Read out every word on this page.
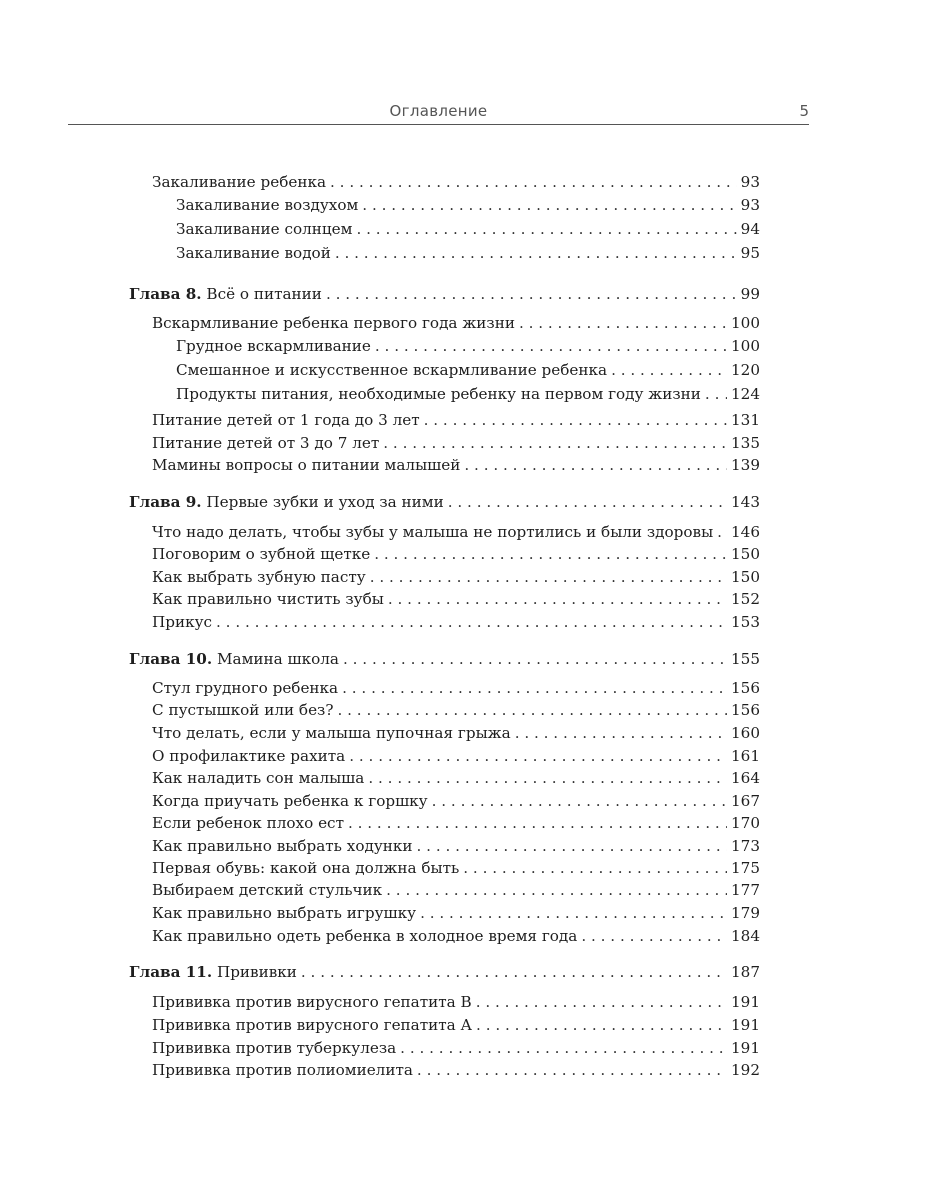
Оглавление	5
Закаливание ребенка . . .	93
Закаливание воздухом . . .	93
Закаливание солнцем . . .	94
Закаливание водой . . .	95
Глава 8. Всё о питании . . .	99
Вскармливание ребенка первого года жизни . . .	100
Грудное вскармливание . . .	100
Смешанное и искусственное вскармливание ребенка . . .	120
Продукты питания, необходимые ребенку на первом году жизни . . . 124
Питание детей от 1 года до 3 лет . . .	131
Питание детей от 3 до 7 лет . . .	135
Мамины вопросы о питании малышей . . .	139
Глава 9. Первые зубки и уход за ними . . .	143
Что надо делать, чтобы зубы у малыша не портились и были здоровы . . . 146
Поговорим о зубной щетке . . .	150
Как выбрать зубную пасту . . .	150
Как правильно чистить зубы . . .	152
Прикус . . .	153
Глава 10. Мамина школа . . .	155
Стул грудного ребенка . . .	156
С пустышкой или без? . . .	156
Что делать, если у малыша пупочная грыжа . . .	160
О профилактике рахита . . .	161
Как наладить сон малыша . . .	164
Когда приучать ребенка к горшку . . .	167
Если ребенок плохо ест . . .	170
Как правильно выбрать ходунки . . .	173
Первая обувь: какой она должна быть . . .	175
Выбираем детский стульчик . . .	177
Как правильно выбрать игрушку . . .	179
Как правильно одеть ребенка в холодное время года . . .	184
Глава 11. Прививки . . .	187
Прививка против вирусного гепатита В . . .	191
Прививка против вирусного гепатита А . . .	191
Прививка против туберкулеза . . .	191
Прививка против полиомиелита . . .	192
